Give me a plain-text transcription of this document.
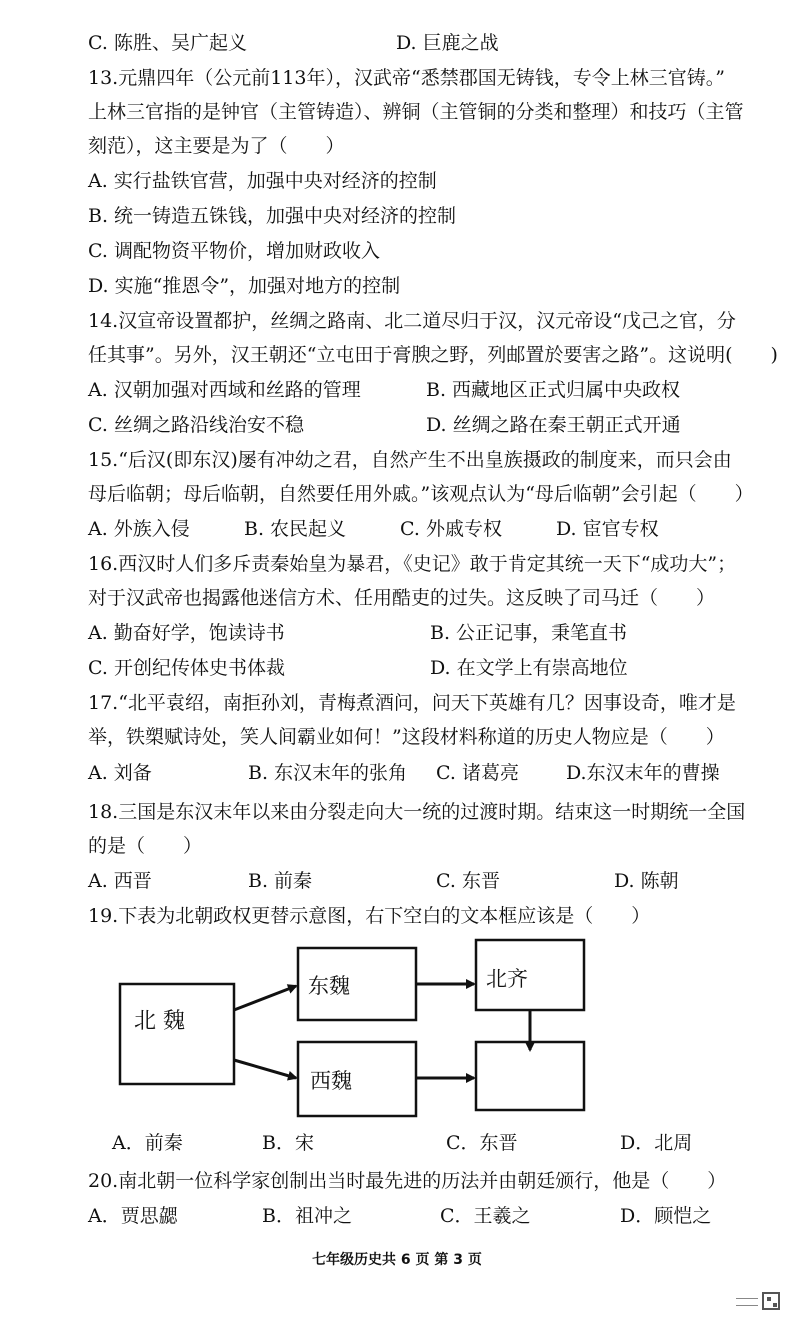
C. 陈胜、吴广起义	D. 巨鹿之战
13.元鼎四年（公元前113年），汉武帝“悉禁郡国无铸钱，专令上林三官铸。”
上林三官指的是钟官（主管铸造）、辨铜（主管铜的分类和整理）和技巧（主管
刻范），这主要是为了（　　）
A. 实行盐铁官营，加强中央对经济的控制
B. 统一铸造五铢钱，加强中央对经济的控制
C. 调配物资平物价，增加财政收入
D. 实施“推恩令”，加强对地方的控制
14.汉宣帝设置都护，丝绸之路南、北二道尽归于汉，汉元帝设“戊己之官，分
任其事”。另外，汉王朝还“立屯田于膏腴之野，列邮置於要害之路”。这说明(　　)
A. 汉朝加强对西域和丝路的管理	B. 西藏地区正式归属中央政权
C. 丝绸之路沿线治安不稳	D. 丝绸之路在秦王朝正式开通
15.“后汉(即东汉)屡有冲幼之君，自然产生不出皇族摄政的制度来，而只会由
母后临朝；母后临朝，自然要任用外戚。”该观点认为“母后临朝”会引起（　　）
A. 外族入侵	B. 农民起义	C. 外戚专权	D. 宦官专权
16.西汉时人们多斥责秦始皇为暴君，《史记》敢于肯定其统一天下“成功大”；
对于汉武帝也揭露他迷信方术、任用酷吏的过失。这反映了司马迁（　　）
A. 勤奋好学，饱读诗书	B. 公正记事，秉笔直书
C. 开创纪传体史书体裁	D. 在文学上有崇高地位
17.“北平袁绍，南拒孙刘，青梅煮酒问，问天下英雄有几？因事设奇，唯才是
举，铁槊赋诗处，笑人间霸业如何！”这段材料称道的历史人物应是（　　）
A. 刘备	B. 东汉末年的张角 C. 诸葛亮 D.东汉末年的曹操
18.三国是东汉末年以来由分裂走向大一统的过渡时期。结束这一时期统一全国
的是（　　）
A. 西晋	B. 前秦	C. 东晋	D. 陈朝
19.下表为北朝政权更替示意图，右下空白的文本框应该是（　　）
北 魏
东魏
西魏
北齐
A．前秦	B．宋	C．东晋	D．北周
20.南北朝一位科学家创制出当时最先进的历法并由朝廷颁行，他是（　　）
A．贾思勰	B．祖冲之	C．王羲之	D．顾恺之
七年级历史共 6 页 第 3 页
